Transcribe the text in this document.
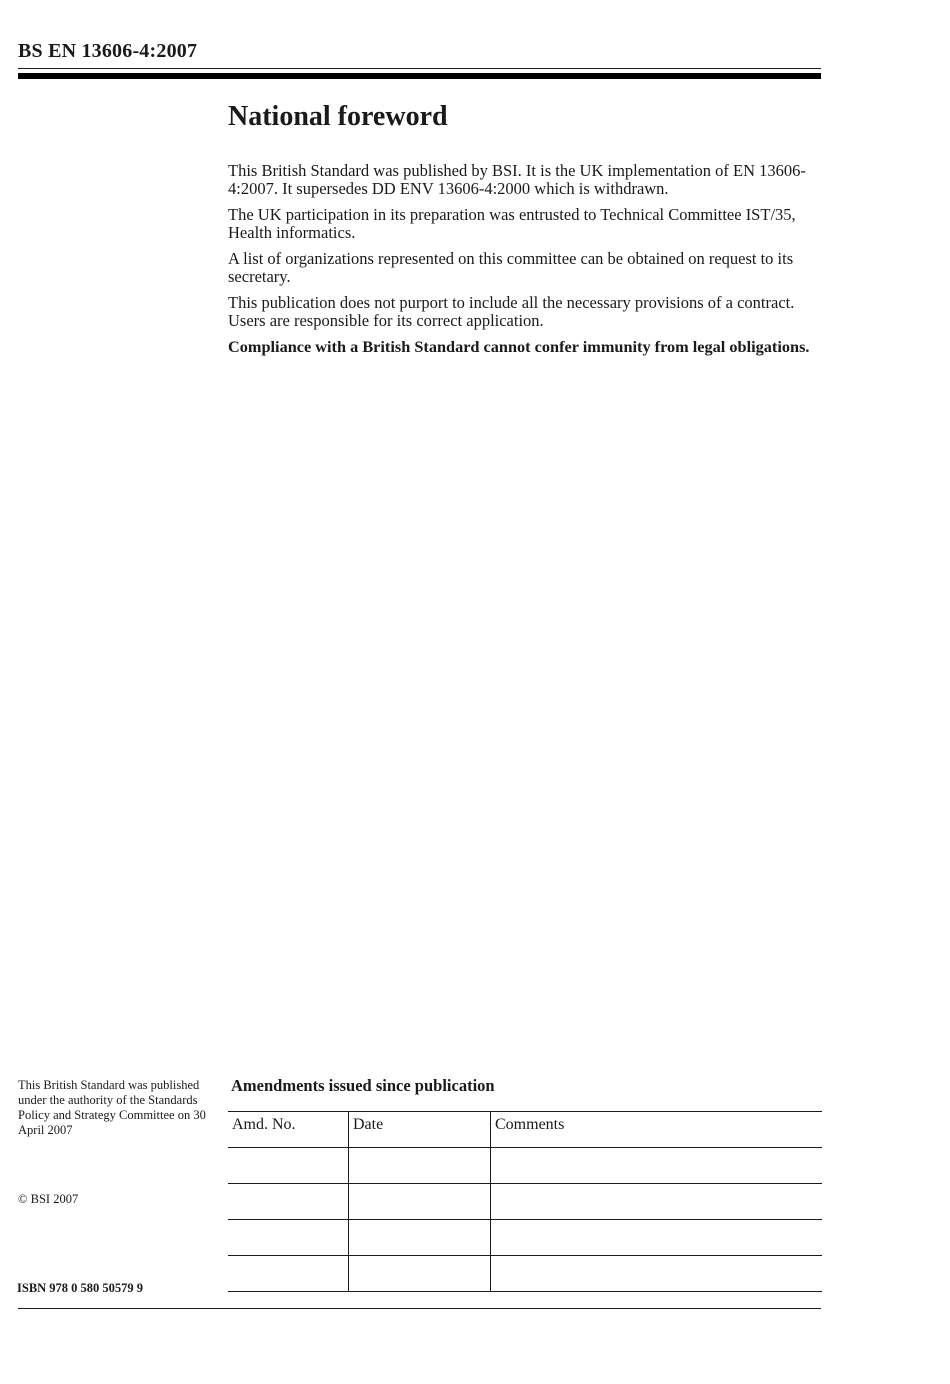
BS EN 13606-4:2007
National foreword

This British Standard was published by BSI. It is the UK implementation of EN 13606-4:2007. It supersedes DD ENV 13606-4:2000 which is withdrawn.

The UK participation in its preparation was entrusted to Technical Committee IST/35, Health informatics.

A list of organizations represented on this committee can be obtained on request to its secretary.

This publication does not purport to include all the necessary provisions of a contract. Users are responsible for its correct application.

Compliance with a British Standard cannot confer immunity from legal obligations.

This British Standard was published under the authority of the Standards Policy and Strategy Committee on 30 April 2007
© BSI 2007
ISBN 978 0 580 50579 9
Amendments issued since publication
Amd. No.	Date	Comments
